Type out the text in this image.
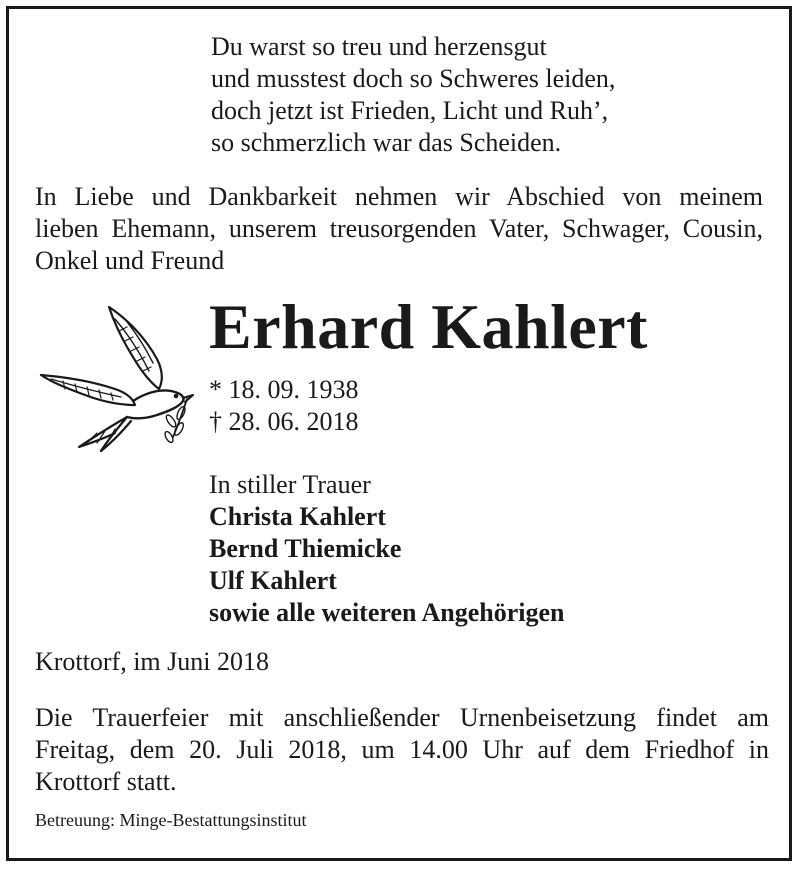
Du warst so treu und herzensgut
und musstest doch so Schweres leiden,
doch jetzt ist Frieden, Licht und Ruh’,
so schmerzlich war das Scheiden.
In Liebe und Dankbarkeit nehmen wir Abschied von meinem
lieben Ehemann, unserem treusorgenden Vater, Schwager, Cousin,
Onkel und Freund
Erhard Kahlert
* 18. 09. 1938
† 28. 06. 2018
In stiller Trauer
Christa Kahlert
Bernd Thiemicke
Ulf Kahlert
sowie alle weiteren Angehörigen
Krottorf, im Juni 2018
Die Trauerfeier mit anschließender Urnenbeisetzung findet am
Freitag, dem 20. Juli 2018, um 14.00 Uhr auf dem Friedhof in
Krottorf statt.
Betreuung: Minge-Bestattungsinstitut
